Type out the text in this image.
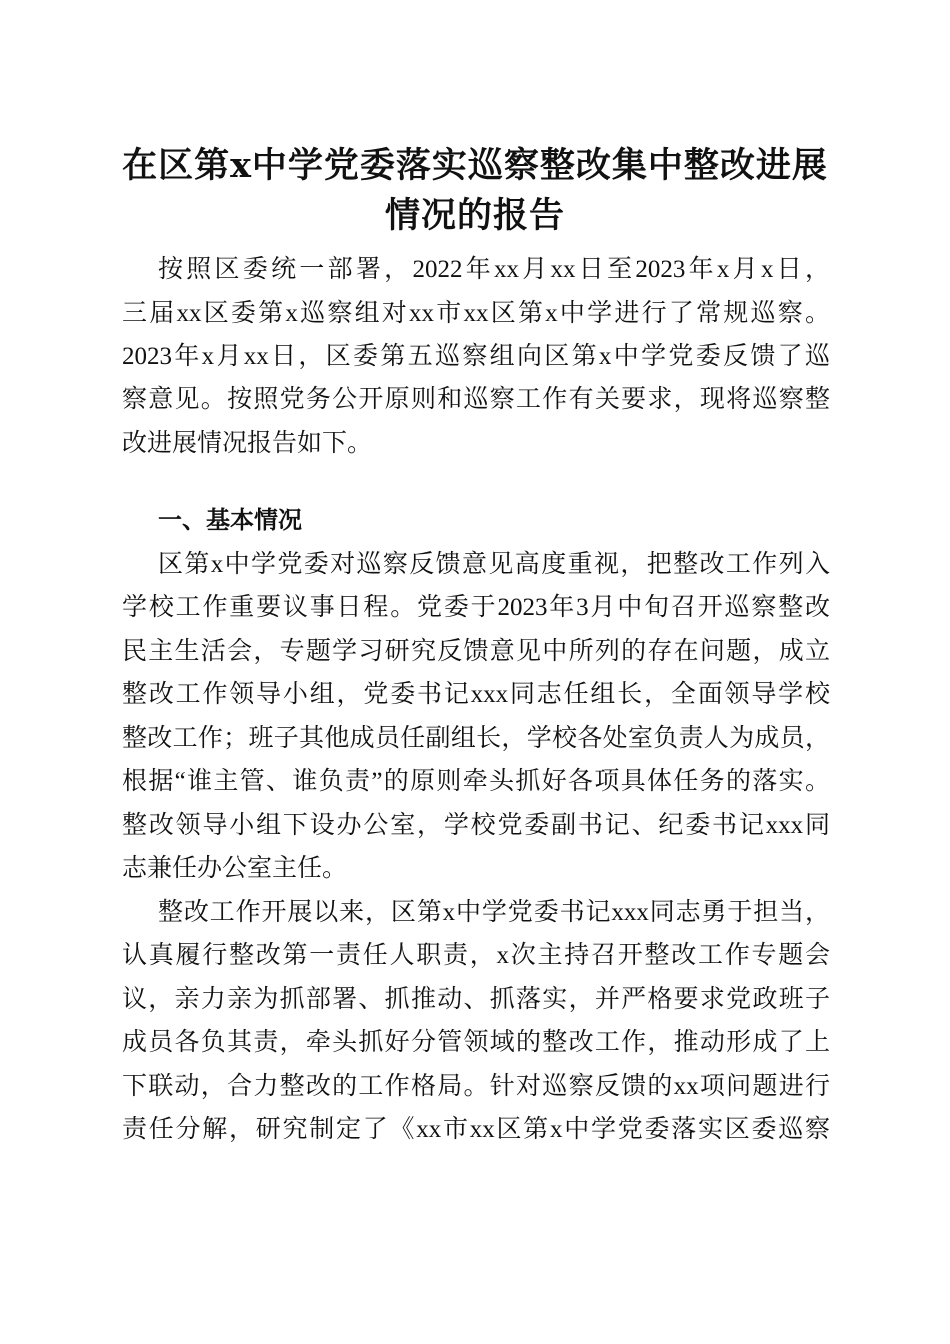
在区第x中学党委落实巡察整改集中整改进展
情况的报告
按照区委统一部署，2022年xx月xx日至2023年x月x日，
三届xx区委第x巡察组对xx市xx区第x中学进行了常规巡察。
2023年x月xx日，区委第五巡察组向区第x中学党委反馈了巡
察意见。按照党务公开原则和巡察工作有关要求，现将巡察整
改进展情况报告如下。
一、基本情况
区第x中学党委对巡察反馈意见高度重视，把整改工作列入
学校工作重要议事日程。党委于2023年3月中旬召开巡察整改
民主生活会，专题学习研究反馈意见中所列的存在问题，成立
整改工作领导小组，党委书记xxx同志任组长，全面领导学校
整改工作；班子其他成员任副组长，学校各处室负责人为成员，
根据“谁主管、谁负责”的原则牵头抓好各项具体任务的落实。
整改领导小组下设办公室，学校党委副书记、纪委书记xxx同
志兼任办公室主任。
整改工作开展以来，区第x中学党委书记xxx同志勇于担当，
认真履行整改第一责任人职责，x次主持召开整改工作专题会
议，亲力亲为抓部署、抓推动、抓落实，并严格要求党政班子
成员各负其责，牵头抓好分管领域的整改工作，推动形成了上
下联动，合力整改的工作格局。针对巡察反馈的xx项问题进行
责任分解，研究制定了《xx市xx区第x中学党委落实区委巡察
